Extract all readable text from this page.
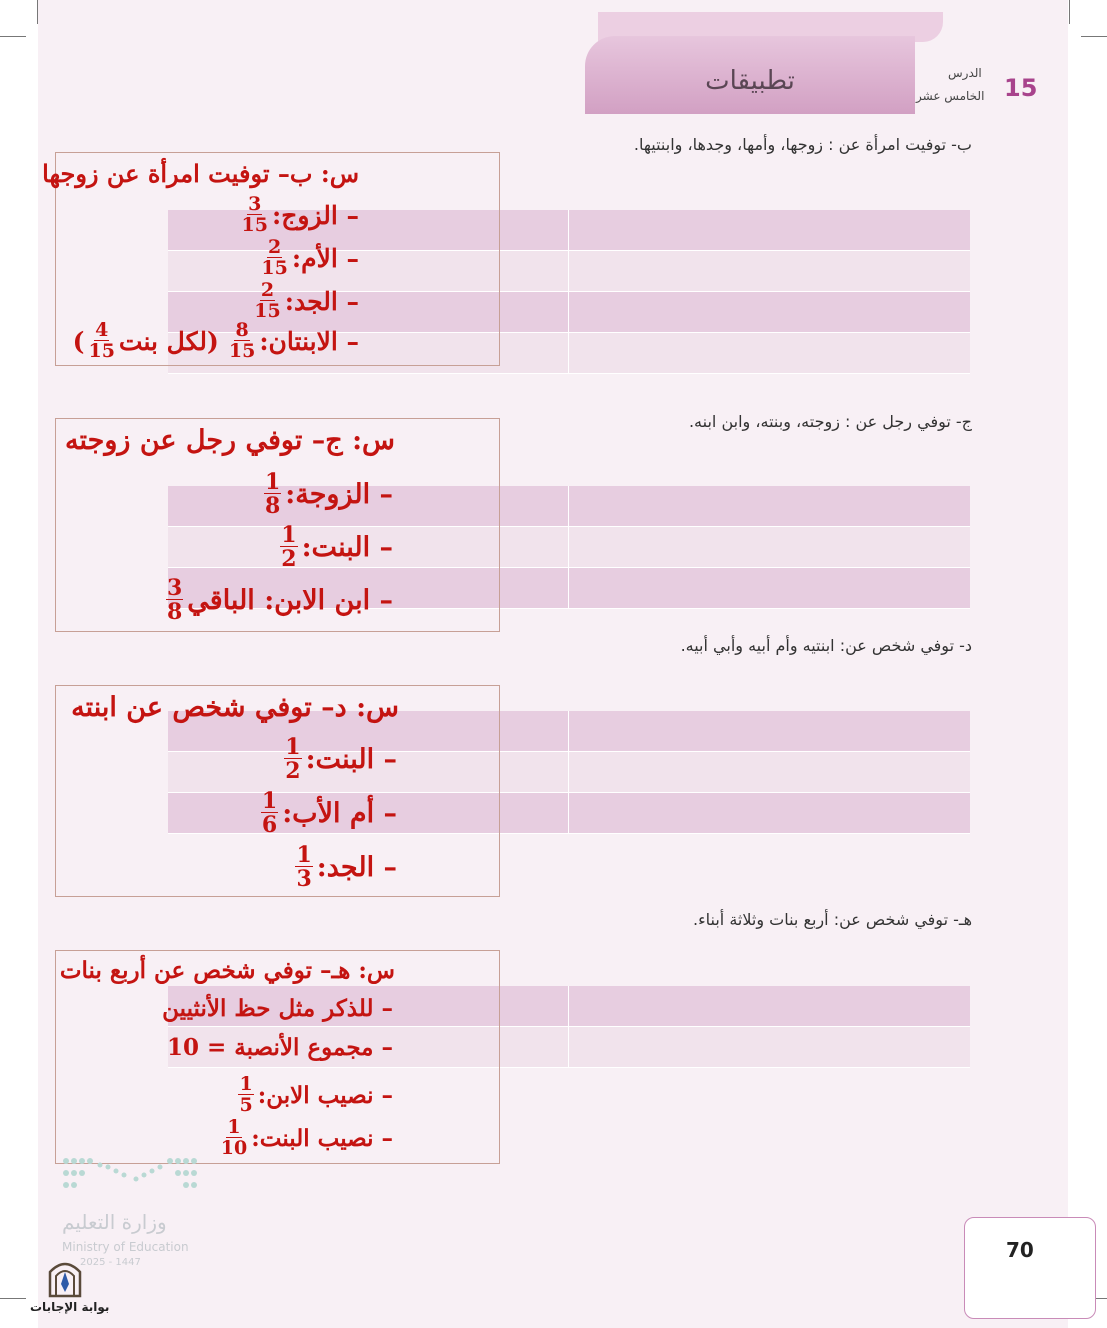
تطبيقات	الدرس
الخامس عشر 15
ب- توفيت امرأة عن : زوجها، وأمها، وجدها، وابنتيها.
ج- توفي رجل عن : زوجته، وبنته، وابن ابنه.
د- توفي شخص عن: ابنتيه وأم أبيه وأبي أبيه.
هـ- توفي شخص عن: أربع بنات وثلاثة أبناء.
س: ب– توفيت امرأة عن زوجها
– الزوج:
$\frac{3}{15}$
– الأم:
$\frac{2}{15}$
– الجد:
$\frac{2}{15}$
– الابنتان:
$\frac{8}{15}$
(لكل بنت
$\frac{4}{15}$
)
س: ج– توفي رجل عن زوجته
– الزوجة:
$\frac{1}{8}$
– البنت:
$\frac{1}{2}$
– ابن الابن: الباقي
$\frac{3}{8}$
س: د– توفي شخص عن ابنته
– البنت:
$\frac{1}{2}$
– أم الأب:
$\frac{1}{6}$
– الجد:
$\frac{1}{3}$
س: هـ– توفي شخص عن أربع بنات
– للذكر مثل حظ الأنثيين
– مجموع الأنصبة = 10
– نصيب الابن:
$\frac{1}{5}$
– نصيب البنت:
$\frac{1}{10}$
وزارة التعليم
Ministry of Education
2025 - 1447
بوابة الإجابات
70
